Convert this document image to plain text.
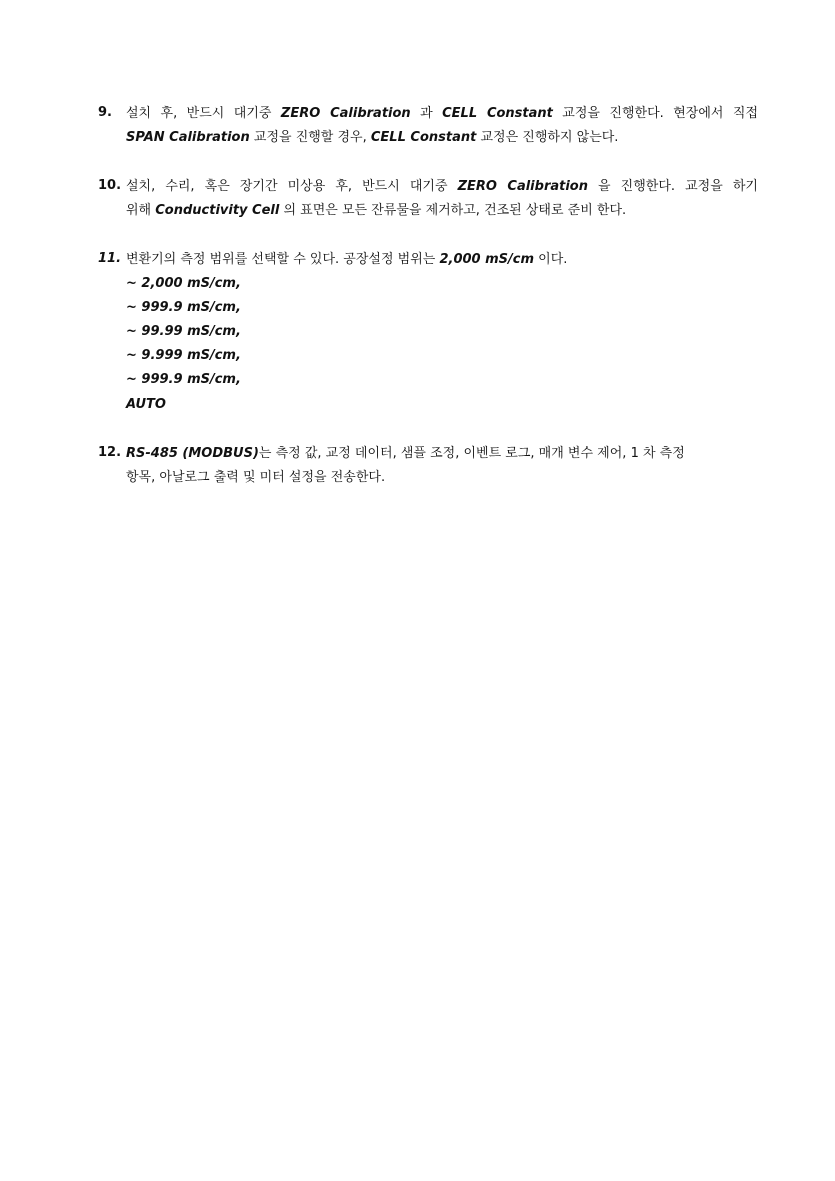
9. 설치 후, 반드시 대기중 ZERO Calibration 과 CELL Constant 교정을 진행한다. 현장에서 직접
SPAN Calibration 교정을 진행할 경우, CELL Constant 교정은 진행하지 않는다.
10. 설치, 수리, 혹은 장기간 미상용 후, 반드시 대기중 ZERO Calibration 을 진행한다. 교정을 하기
위해 Conductivity Cell 의 표면은 모든 잔류물을 제거하고, 건조된 상태로 준비 한다.
11. 변환기의 측정 범위를 선택할 수 있다. 공장설정 범위는 2,000 mS/cm 이다.
~ 2,000 mS/cm,
~ 999.9 mS/cm,
~ 99.99 mS/cm,
~ 9.999 mS/cm,
~ 999.9 mS/cm,
AUTO
12. RS-485 (MODBUS)는 측정 값, 교정 데이터, 샘플 조정, 이벤트 로그, 매개 변수 제어, 1 차 측정
항목, 아날로그 출력 및 미터 설정을 전송한다.
